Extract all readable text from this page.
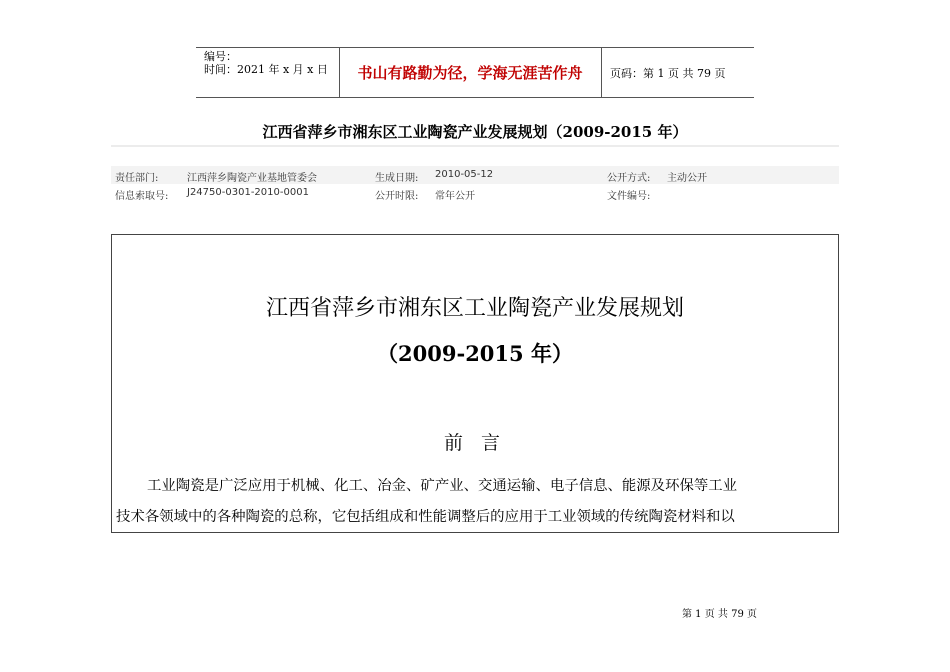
编号：
时间：2021 年 x 月 x 日	书山有路勤为径，学海无涯苦作舟	页码：第 1 页 共 79 页
江西省萍乡市湘东区工业陶瓷产业发展规划（2009-2015 年）
责任部门:	江西萍乡陶瓷产业基地管委会	生成日期: 2010-05-12	公开方式: 主动公开
信息索取号: J24750-0301-2010-0001	公开时限: 常年公开	文件编号:
江西省萍乡市湘东区工业陶瓷产业发展规划
（2009-2015 年）
前 言
工业陶瓷是广泛应用于机械、化工、冶金、矿产业、交通运输、电子信息、能源及环保等工业
技术各领域中的各种陶瓷的总称，它包括组成和性能调整后的应用于工业领域的传统陶瓷材料和以
第 1 页 共 79 页
